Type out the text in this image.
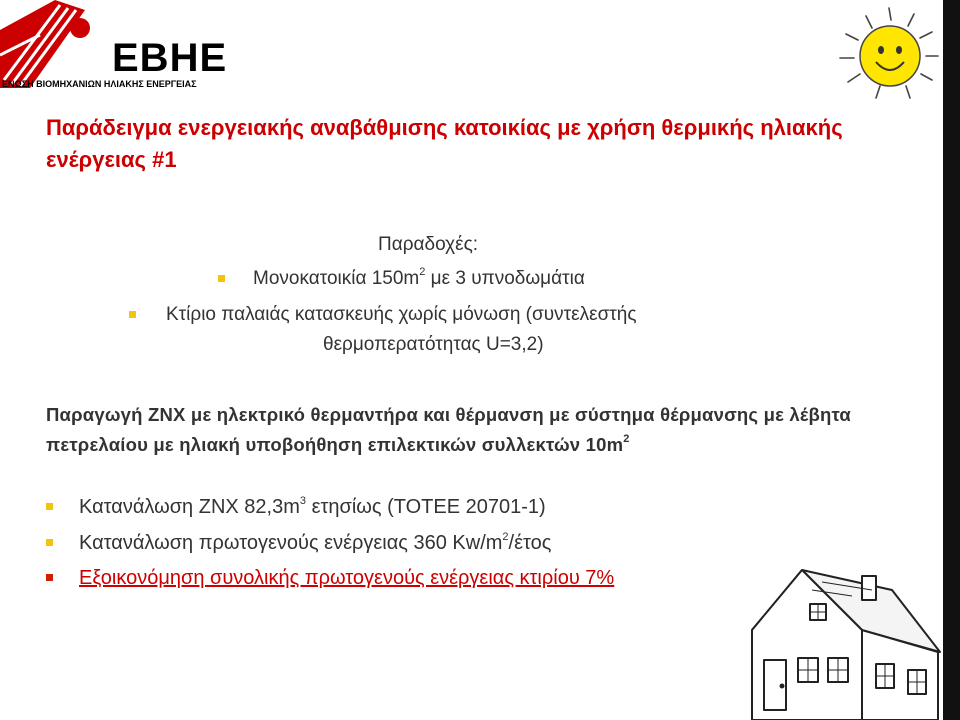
EBHE
ΕΝΩΣΗ ΒΙΟΜΗΧΑΝΙΩΝ ΗΛΙΑΚΗΣ ΕΝΕΡΓΕΙΑΣ
Παράδειγμα ενεργειακής αναβάθμισης κατοικίας με χρήση θερμικής ηλιακής ενέργειας #1
Παραδοχές:
Μονοκατοικία $150m^2$ με 3 υπνοδωμάτια
Κτίριο παλαιάς κατασκευής χωρίς μόνωση (συντελεστής
θερμοπερατότητας U=3,2)
Παραγωγή ΖΝΧ με ηλεκτρικό θερμαντήρα και θέρμανση με σύστημα θέρμανσης με λέβητα πετρελαίου με ηλιακή υποβοήθηση επιλεκτικών συλλεκτών $10m^2$
Κατανάλωση ΖΝΧ $82,3m^3$ ετησίως (ΤΟΤΕΕ 20701-1)
Κατανάλωση πρωτογενούς ενέργειας 360 $Kw/m^2$/έτος
Εξοικονόμηση συνολικής πρωτογενούς ενέργειας κτιρίου 7%
